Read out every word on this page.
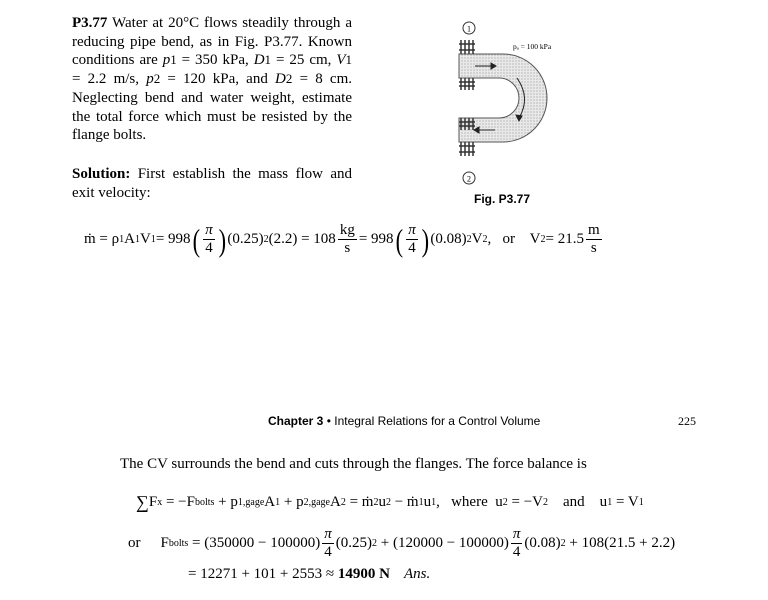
P3.77 Water at 20°C flows steadily through a reducing pipe bend, as in Fig. P3.77. Known conditions are p1 = 350 kPa, D1 = 25 cm, V1 = 2.2 m/s, p2 = 120 kPa, and D2 = 8 cm. Neglecting bend and water weight, estimate the total force which must be resisted by the flange bolts.
Solution: First establish the mass flow and exit velocity:
1
2
pₐ = 100 kPa
Fig. P3.77
ṁ = ρ 1 A 1 V 1 = 998 ( $\frac{\pi}{4}$ ) (0.25) 2 $(2.2) = 108 \frac{kg}{s} = 998$ ( $\frac{\pi}{4}$ ) (0.08) 2 V 2 ,   or    V $2 = 21.5 \frac{m}{s}$
Chapter 3 • Integral Relations for a Control Volume	225
The CV surrounds the bend and cuts through the flanges. The force balance is
∑ F x = −F bolts + p 1,gage A 1 + p 2,gage A 2 = ṁ 2 u 2 − ṁ 1 u 1 ,   where  u 2 = −V 2 and    u 1 = V 1
or F bolts = $(350000 - 100000) \frac{\pi}{4} (0.25) 2 + (120000 - 100000) \frac{\pi}{4} (0.08) 2 + 108(21.5 + 2.2)$
= 12271 + 101 + 2553 ≈ 14900 N Ans.
